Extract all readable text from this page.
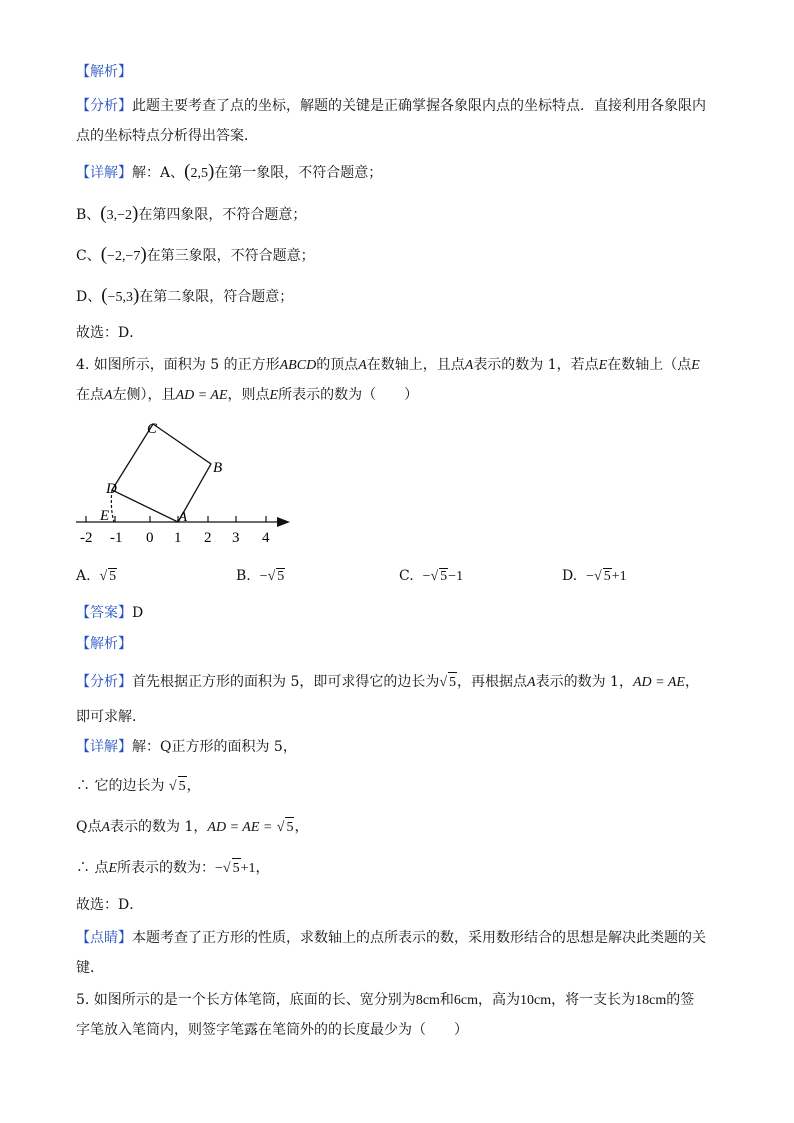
【解析】
【分析】此题主要考查了点的坐标，解题的关键是正确掌握各象限内点的坐标特点．直接利用各象限内
点的坐标特点分析得出答案．
【详解】解：A、(2,5)在第一象限，不符合题意；
B、(3,−2)在第四象限，不符合题意；
C、(−2,−7)在第三象限，不符合题意；
D、(−5,3)在第二象限，符合题意；
故选：D．
4. 如图所示，面积为 5 的正方形ABCD的顶点A在数轴上，且点A表示的数为 1，若点E在数轴上（点E
在点A左侧），且AD = AE，则点E所表示的数为（　　）
C
B
D
E	A
-2 -1 0 1 2 3 4
A. √ 5	B. −√ 5	C. −√ 5−1	D. −√ 5+1
【答案】D
【解析】
【分析】首先根据正方形的面积为 5，即可求得它的边长为√ 5，再根据点A表示的数为 1，AD = AE，
即可求解．
【详解】解：Q正方形的面积为 5，
∴ 它的边长为 √ 5，
Q点A表示的数为 1，AD = AE = √ 5，
∴ 点E所表示的数为：−√ 5+1，
故选：D．
【点睛】本题考查了正方形的性质，求数轴上的点所表示的数，采用数形结合的思想是解决此类题的关
键．
5. 如图所示的是一个长方体笔筒，底面的长、宽分别为8cm和6cm，高为10cm，将一支长为18cm的签
字笔放入笔筒内，则签字笔露在笔筒外的的长度最少为（　　）
